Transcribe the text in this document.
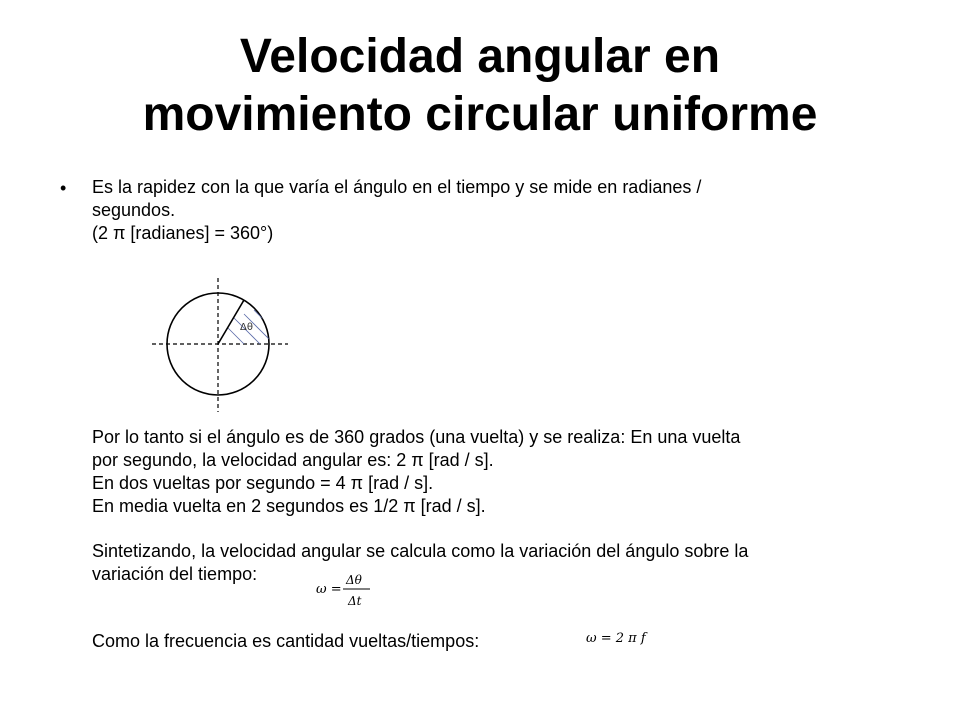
Velocidad angular en
movimiento circular uniforme
• Es la rapidez con la que varía el ángulo en el tiempo y se mide en radianes /
segundos.
(2 π [radianes] = 360°)
Δθ
Por lo tanto si el ángulo es de 360 grados (una vuelta) y se realiza: En una vuelta
por segundo, la velocidad angular es: 2 π [rad / s].
En dos vueltas por segundo = 4 π [rad / s].
En media vuelta en 2 segundos es 1/2 π [rad / s].
Sintetizando, la velocidad angular se calcula como la variación del ángulo sobre la
variación del tiempo:
ω =
Δθ
Δt
Como la frecuencia es cantidad vueltas/tiempos:	ω = 2 π f
